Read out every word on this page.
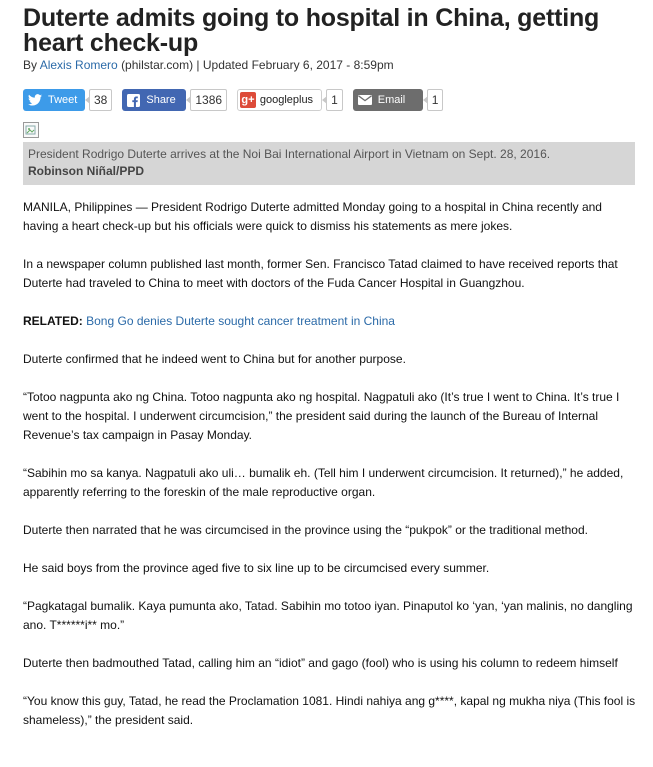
Duterte admits going to hospital in China, getting heart check-up
By Alexis Romero (philstar.com) | Updated February 6, 2017 - 8:59pm
Tweet	38	Share	1386	g+ googleplus	1	Email	1
President Rodrigo Duterte arrives at the Noi Bai International Airport in Vietnam on Sept. 28, 2016.
Robinson Niñal/PPD

MANILA, Philippines — President Rodrigo Duterte admitted Monday going to a hospital in China recently and having a heart check-up but his officials were quick to dismiss his statements as mere jokes.

In a newspaper column published last month, former Sen. Francisco Tatad claimed to have received reports that Duterte had traveled to China to meet with doctors of the Fuda Cancer Hospital in Guangzhou.

RELATED: Bong Go denies Duterte sought cancer treatment in China

Duterte confirmed that he indeed went to China but for another purpose.

“Totoo nagpunta ako ng China. Totoo nagpunta ako ng hospital. Nagpatuli ako (It’s true I went to China. It’s true I went to the hospital. I underwent circumcision,” the president said during the launch of the Bureau of Internal Revenue’s tax campaign in Pasay Monday.

“Sabihin mo sa kanya. Nagpatuli ako uli… bumalik eh. (Tell him I underwent circumcision. It returned),” he added, apparently referring to the foreskin of the male reproductive organ.

Duterte then narrated that he was circumcised in the province using the “pukpok” or the traditional method.

He said boys from the province aged five to six line up to be circumcised every summer.

“Pagkatagal bumalik. Kaya pumunta ako, Tatad. Sabihin mo totoo iyan. Pinaputol ko ‘yan, ‘yan malinis, no dangling ano. T******i** mo.”

Duterte then badmouthed Tatad, calling him an “idiot” and gago (fool) who is using his column to redeem himself

“You know this guy, Tatad, he read the Proclamation 1081. Hindi nahiya ang g****, kapal ng mukha niya (This fool is shameless),” the president said.
